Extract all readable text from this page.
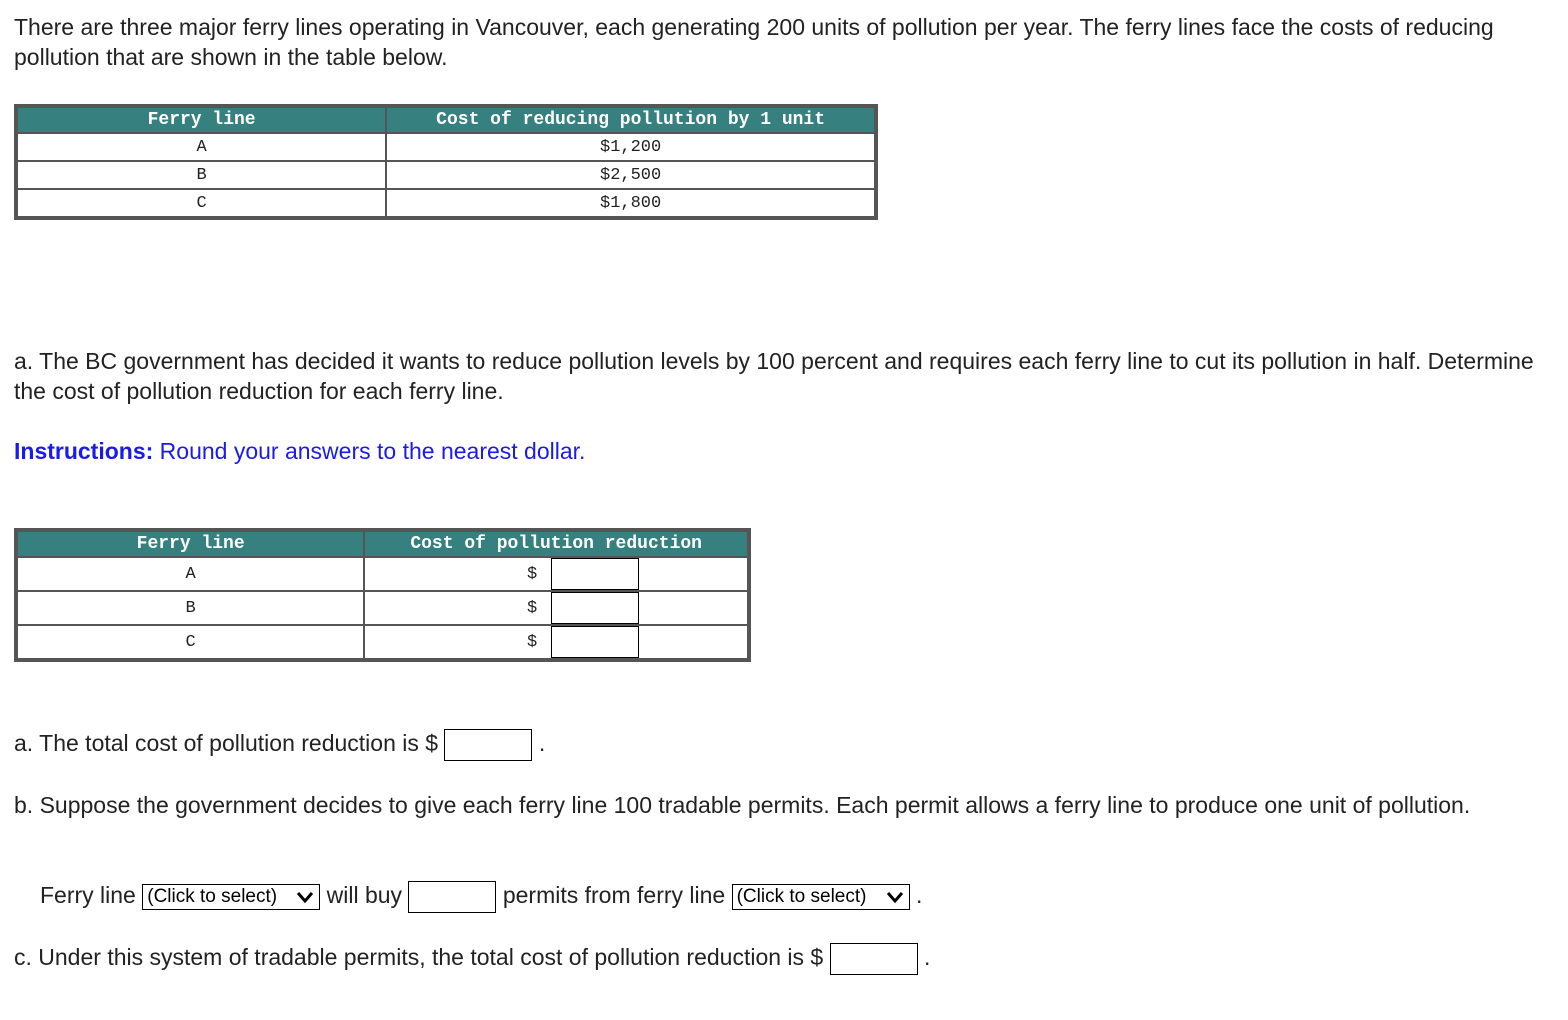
There are three major ferry lines operating in Vancouver, each generating 200 units of pollution per year. The ferry lines face the costs of reducing pollution that are shown in the table below.

Ferry line	Cost of reducing pollution by 1 unit
A	$1,200
B	$2,500
C	$1,800

a. The BC government has decided it wants to reduce pollution levels by 100 percent and requires each ferry line to cut its pollution in half. Determine the cost of pollution reduction for each ferry line.

Instructions: Round your answers to the nearest dollar.

Ferry line	Cost of pollution reduction
A	$

B	$

C	$

a. The total cost of pollution reduction is $	.

b. Suppose the government decides to give each ferry line 100 tradable permits. Each permit allows a ferry line to produce one unit of pollution.

Ferry line (Click to select)	will buy	permits from ferry line (Click to select)	.

c. Under this system of tradable permits, the total cost of pollution reduction is $	.
